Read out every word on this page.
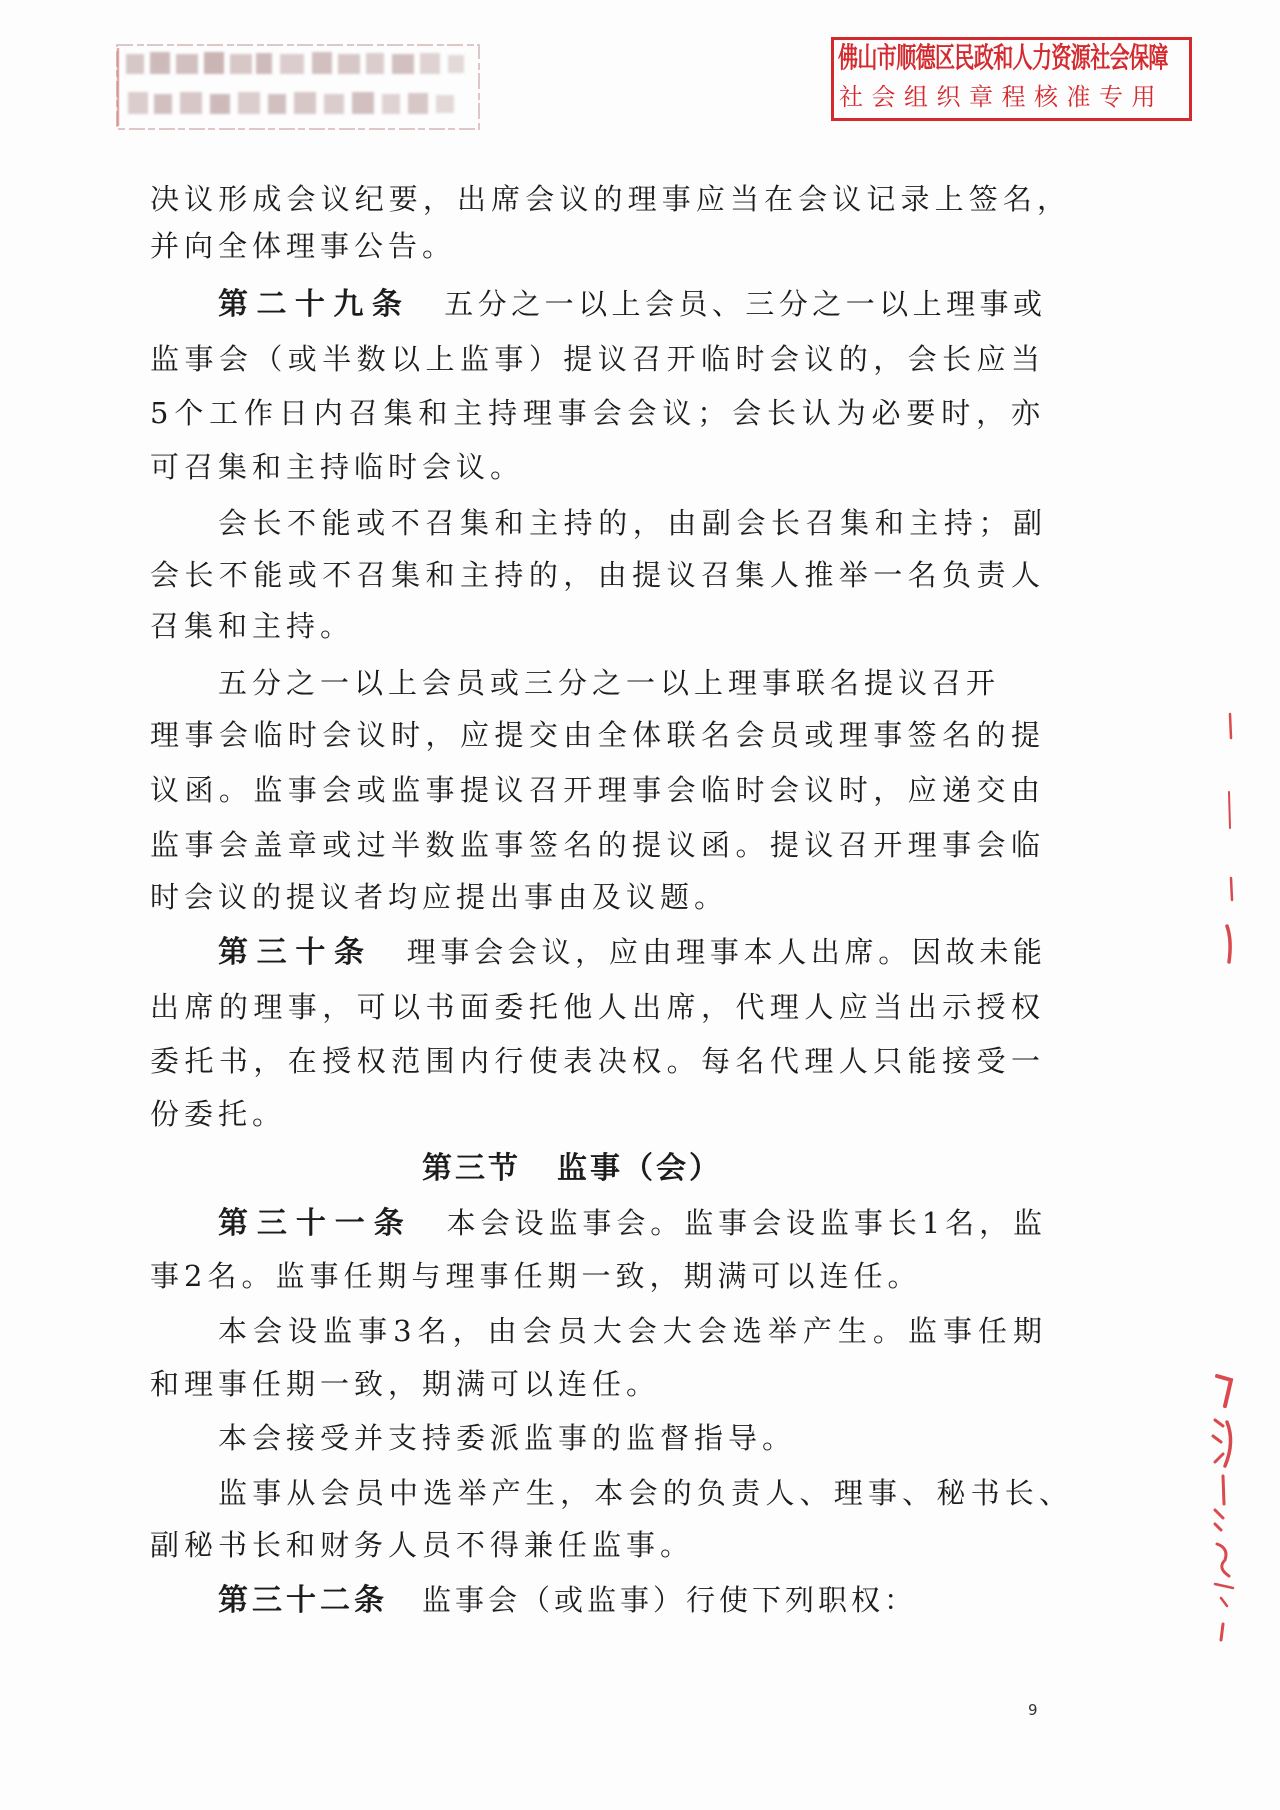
佛山市顺德区民政和人力资源社会保障
社会组织章程核准专用
决议形成会议纪要，出席会议的理事应当在会议记录上签名，
并向全体理事公告。
第二十九条 五分之一以上会员、三分之一以上理事或
监事会（或半数以上监事）提议召开临时会议的，会长应当
5个工作日内召集和主持理事会会议；会长认为必要时，亦
可召集和主持临时会议。
会长不能或不召集和主持的，由副会长召集和主持；副
会长不能或不召集和主持的，由提议召集人推举一名负责人
召集和主持。
五分之一以上会员或三分之一以上理事联名提议召开
理事会临时会议时，应提交由全体联名会员或理事签名的提
议函。监事会或监事提议召开理事会临时会议时，应递交由
监事会盖章或过半数监事签名的提议函。提议召开理事会临
时会议的提议者均应提出事由及议题。
第三十条 理事会会议，应由理事本人出席。因故未能
出席的理事，可以书面委托他人出席，代理人应当出示授权
委托书，在授权范围内行使表决权。每名代理人只能接受一
份委托。
第三节 监事（会）
第三十一条 本会设监事会。监事会设监事长1名，监
事2名。监事任期与理事任期一致，期满可以连任。
本会设监事3名，由会员大会大会选举产生。监事任期
和理事任期一致，期满可以连任。
本会接受并支持委派监事的监督指导。
监事从会员中选举产生，本会的负责人、理事、秘书长、
副秘书长和财务人员不得兼任监事。
第三十二条 监事会（或监事）行使下列职权：
9
